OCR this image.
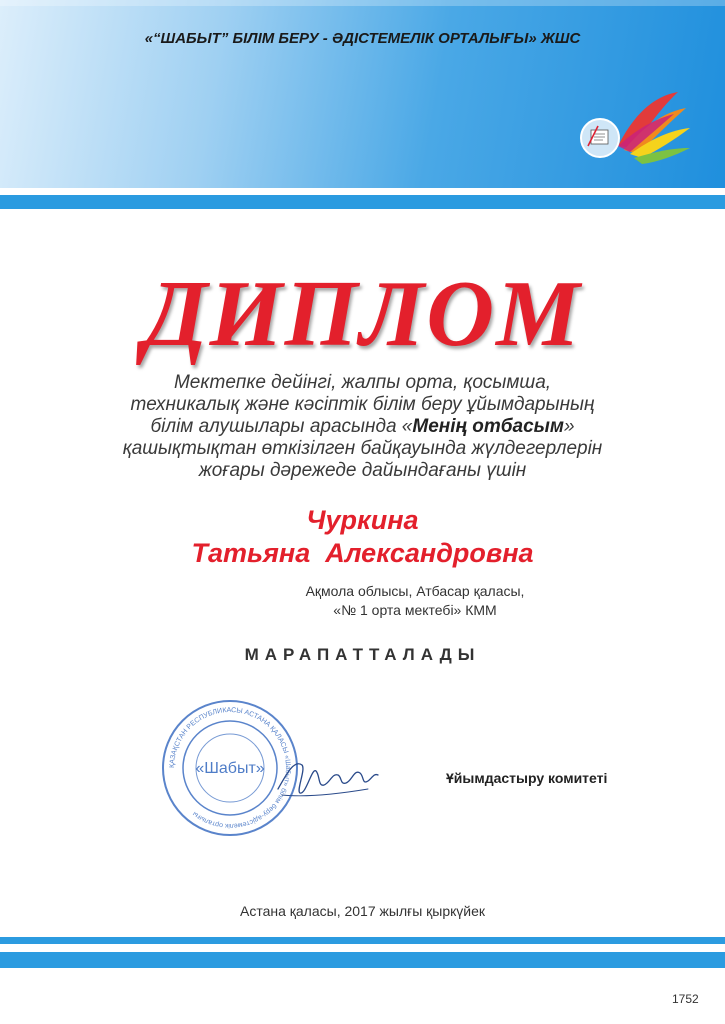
«“ШАБЫТ” БІЛІМ БЕРУ - ӘДІСТЕМЕЛІК ОРТАЛЫҒЫ» ЖШС
ДИПЛОМ
Мектепке дейінгі, жалпы орта, қосымша,
техникалық және кәсіптік білім беру ұйымдарының
білім алушылары арасында «Менің отбасым»
қашықтықтан өткізілген байқауында жүлдегерлерін
жоғары дәрежеде дайындағаны үшін
Чуркина
Татьяна  Александровна
Ақмола облысы, Атбасар қаласы,
«№ 1 орта мектебі» КММ
МАРАПАТТАЛАДЫ
ҚАЗАҚСТАН РЕСПУБЛИКАСЫ АСТАНА ҚАЛАСЫ «Шабыт» білім беру-әдістемелік орталығы
«Шабыт»
Ұйымдастыру комитеті
Астана қаласы, 2017 жылғы қыркүйек
1752
